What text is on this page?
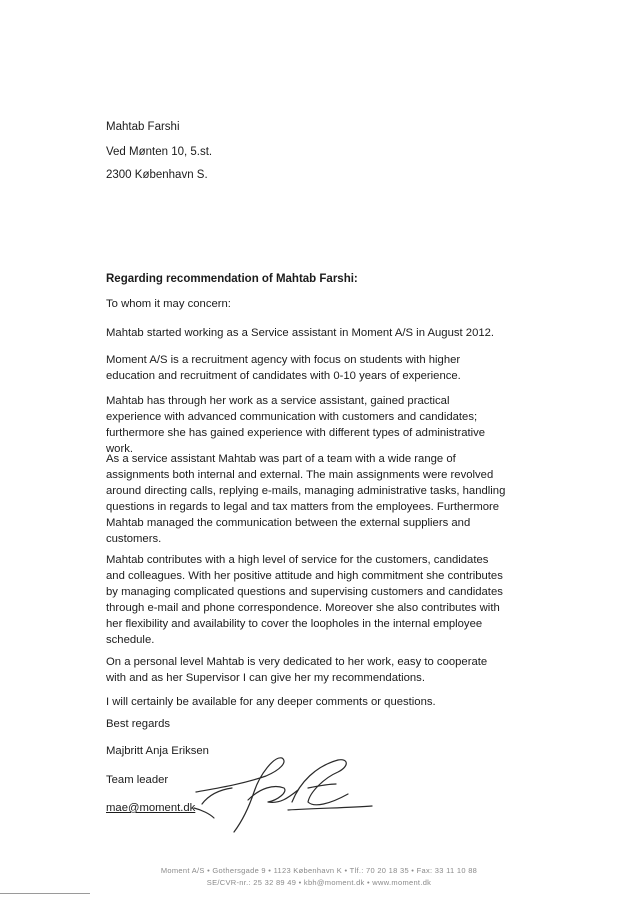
Mahtab Farshi
Ved Mønten 10, 5.st.
2300 København S.
Regarding recommendation of Mahtab Farshi:
To whom it may concern:

Mahtab started working as a Service assistant in Moment A/S in August 2012.

Moment A/S is a recruitment agency with focus on students with higher education and recruitment of candidates with 0-10 years of experience.

Mahtab has through her work as a service assistant, gained practical experience with advanced communication with customers and candidates; furthermore she has gained experience with different types of administrative work.

As a service assistant Mahtab was part of a team with a wide range of assignments both internal and external. The main assignments were revolved around directing calls, replying e-mails, managing administrative tasks, handling questions in regards to legal and tax matters from the employees. Furthermore Mahtab managed the communication between the external suppliers and customers.

Mahtab contributes with a high level of service for the customers, candidates and colleagues. With her positive attitude and high commitment she contributes by managing complicated questions and supervising customers and candidates through e-mail and phone correspondence. Moreover she also contributes with her flexibility and availability to cover the loopholes in the internal employee schedule.

On a personal level Mahtab is very dedicated to her work, easy to cooperate with and as her Supervisor I can give her my recommendations.

I will certainly be available for any deeper comments or questions.

Best regards
Majbritt Anja Eriksen
Team leader
mae@moment.dk
Moment A/S • Gothersgade 9 • 1123 København K • Tlf.: 70 20 18 35 • Fax: 33 11 10 88
SE/CVR-nr.: 25 32 89 49 • kbh@moment.dk • www.moment.dk
